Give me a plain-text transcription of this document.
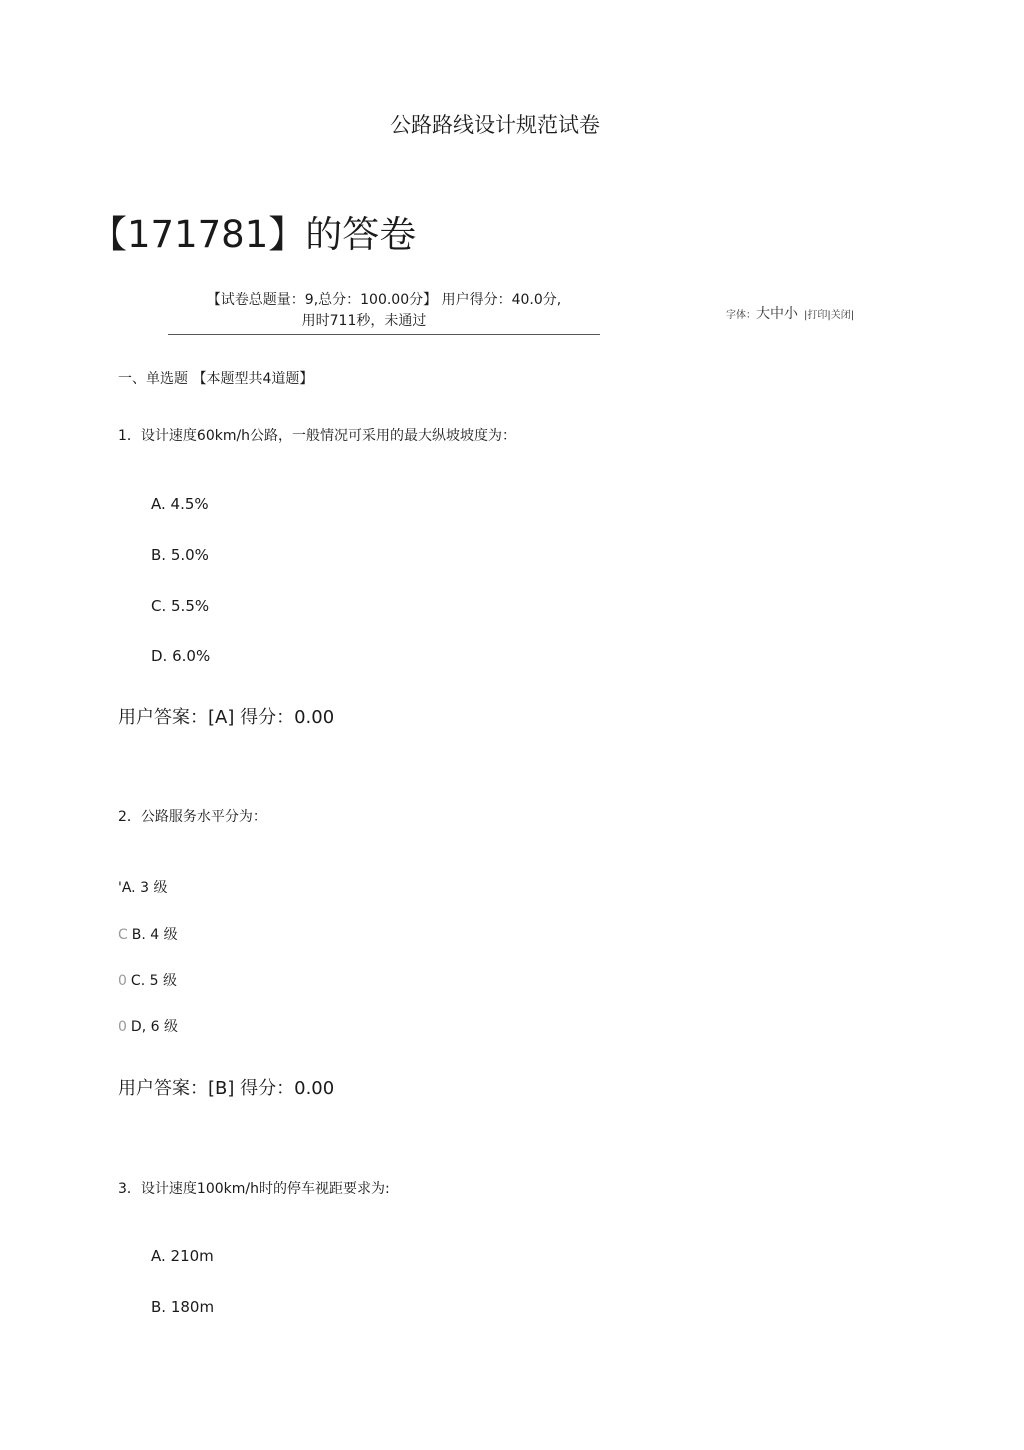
公路路线设计规范试卷
【171781】的答卷
【试卷总题量：9,总分：100.00分】 用户得分：40.0分,

用时711秒，未通过	字体：大中小 |打印|关闭|
一、单选题 【本题型共4道题】
1．设计速度60km/h公路，一般情况可采用的最大纵坡坡度为：
A. 4.5%
B. 5.0%
C. 5.5%
D. 6.0%
用户答案：[A] 得分：0.00
2．公路服务水平分为：
'A. 3 级
C B. 4 级
0 C. 5 级
0 D, 6 级
用户答案：[B] 得分：0.00
3．设计速度100km/h时的停车视距要求为:
A. 210m
B. 180m
